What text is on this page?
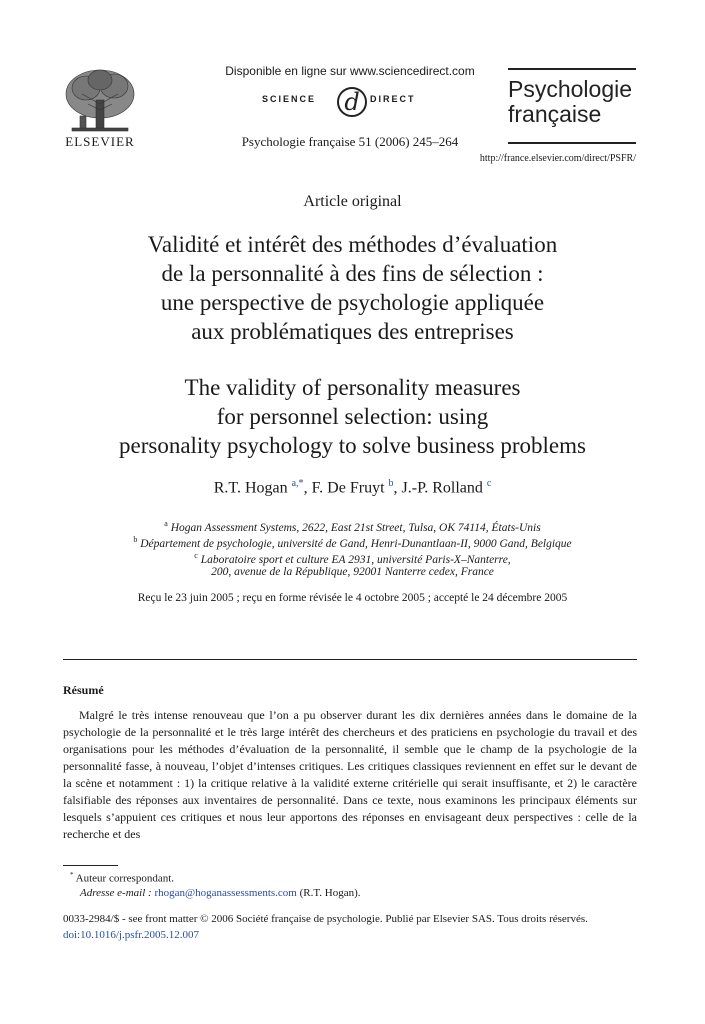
ELSEVIER
Disponible en ligne sur www.sciencedirect.com
d
SCIENCE	DIRECT
Psychologie française 51 (2006) 245–264
Psychologie
française
http://france.elsevier.com/direct/PSFR/
Article original
Validité et intérêt des méthodes d’évaluation
de la personnalité à des fins de sélection :
une perspective de psychologie appliquée
aux problématiques des entreprises
The validity of personality measures
for personnel selection: using
personality psychology to solve business problems
R.T. Hogan $^{a,*}$, F. De Fruyt $^b$, J.-P. Rolland $^c$
$^a$ Hogan Assessment Systems, 2622, East 21st Street, Tulsa, OK 74114, États-Unis
$^b$ Département de psychologie, université de Gand, Henri-Dunantlaan-II, 9000 Gand, Belgique
$^c$ Laboratoire sport et culture EA 2931, université Paris-X–Nanterre,
200, avenue de la République, 92001 Nanterre cedex, France
Reçu le 23 juin 2005 ; reçu en forme révisée le 4 octobre 2005 ; accepté le 24 décembre 2005
Résumé

Malgré le très intense renouveau que l’on a pu observer durant les dix dernières années dans le domaine de la psychologie de la personnalité et le très large intérêt des chercheurs et des praticiens en psychologie du travail et des organisations pour les méthodes d’évaluation de la personnalité, il semble que le champ de la psychologie de la personnalité fasse, à nouveau, l’objet d’intenses critiques. Les critiques classiques reviennent en effet sur le devant de la scène et notamment : 1) la critique relative à la validité externe critérielle qui serait insuffisante, et 2) le caractère falsifiable des réponses aux inventaires de personnalité. Dans ce texte, nous examinons les principaux éléments sur lesquels s’appuient ces critiques et nous leur apportons des réponses en envisageant deux perspectives : celle de la recherche et des

* Auteur correspondant.
Adresse e-mail : rhogan@hoganassessments.com (R.T. Hogan).
0033-2984/$ - see front matter © 2006 Société française de psychologie. Publié par Elsevier SAS. Tous droits réservés.
doi:10.1016/j.psfr.2005.12.007
